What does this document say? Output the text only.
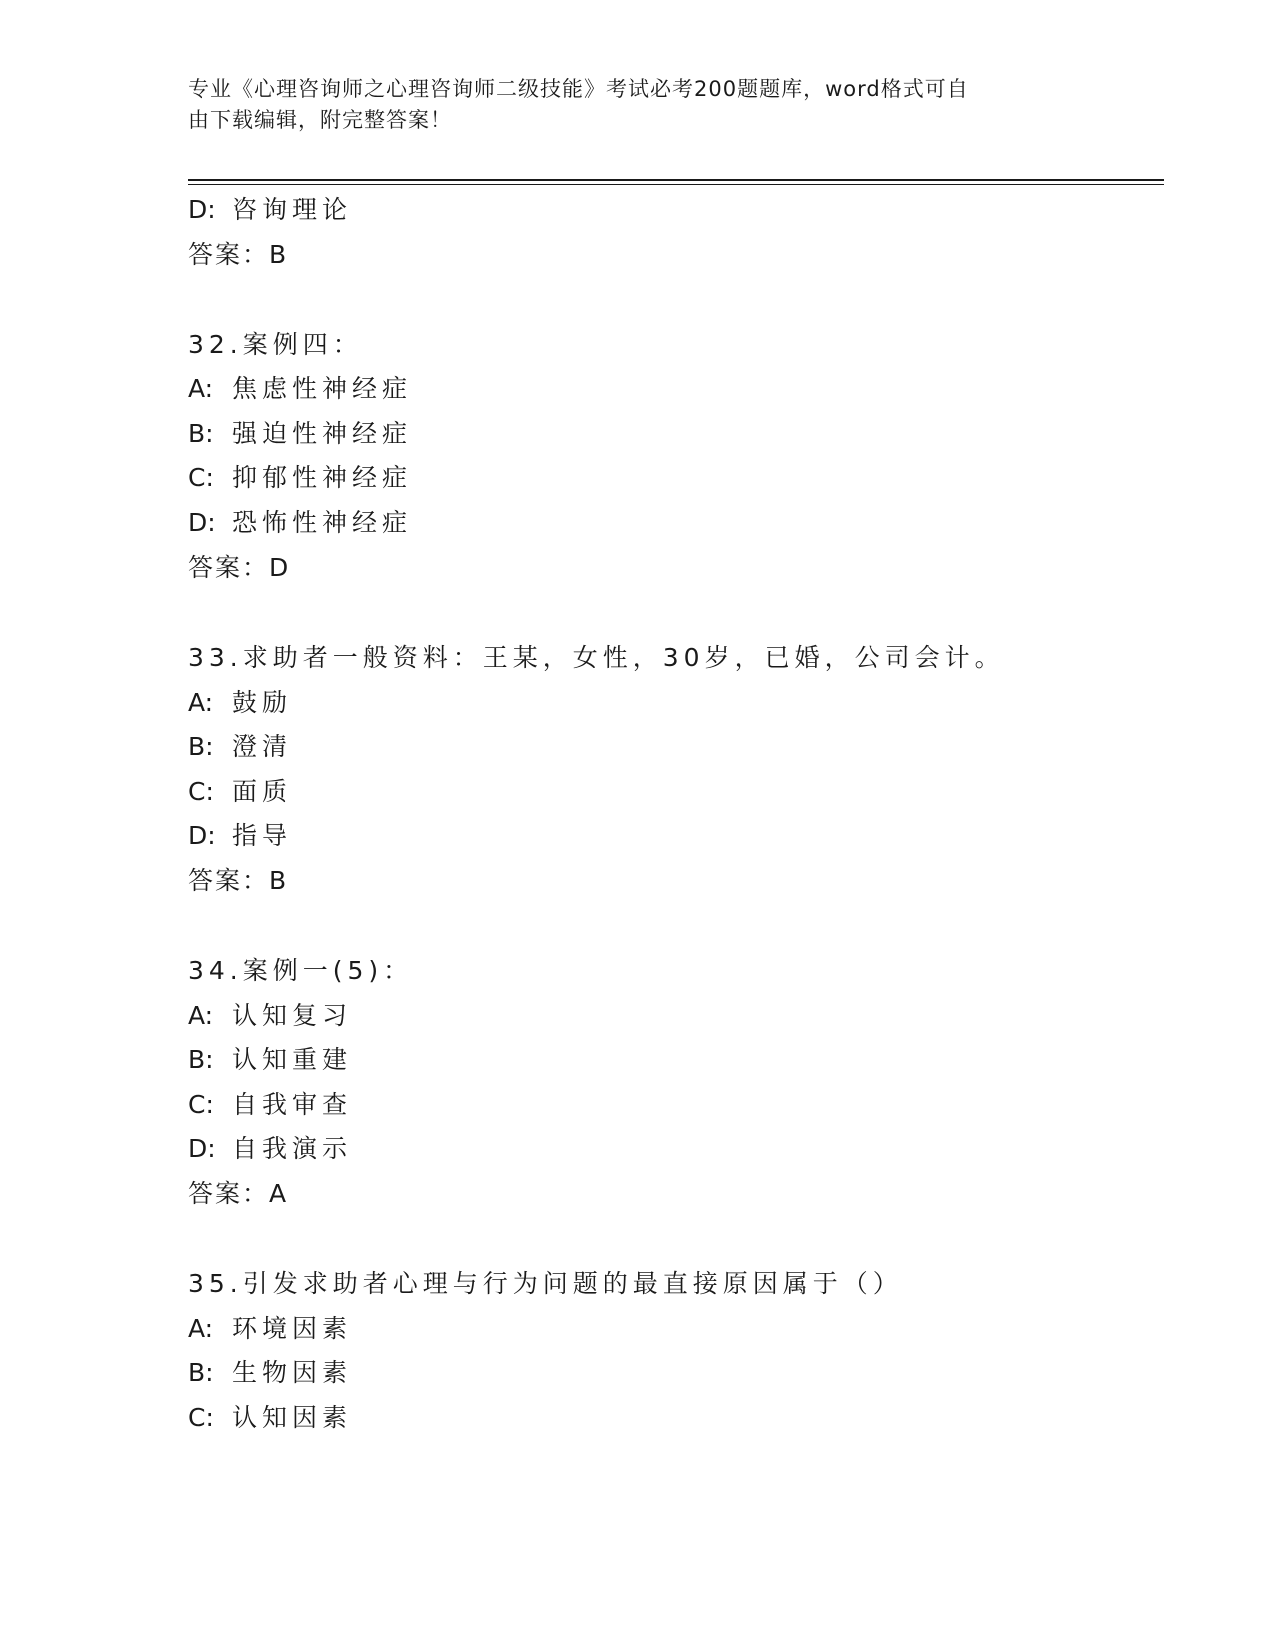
专业《心理咨询师之心理咨询师二级技能》考试必考200题题库，word格式可自
由下载编辑，附完整答案！
D: 咨询理论
答案：B
32.案例四：
A: 焦虑性神经症
B: 强迫性神经症
C: 抑郁性神经症
D: 恐怖性神经症
答案：D
33.求助者一般资料：王某，女性，30岁，已婚，公司会计。
A: 鼓励
B: 澄清
C: 面质
D: 指导
答案：B
34.案例一(5)：
A: 认知复习
B: 认知重建
C: 自我审查
D: 自我演示
答案：A
35.引发求助者心理与行为问题的最直接原因属于（）
A: 环境因素
B: 生物因素
C: 认知因素
